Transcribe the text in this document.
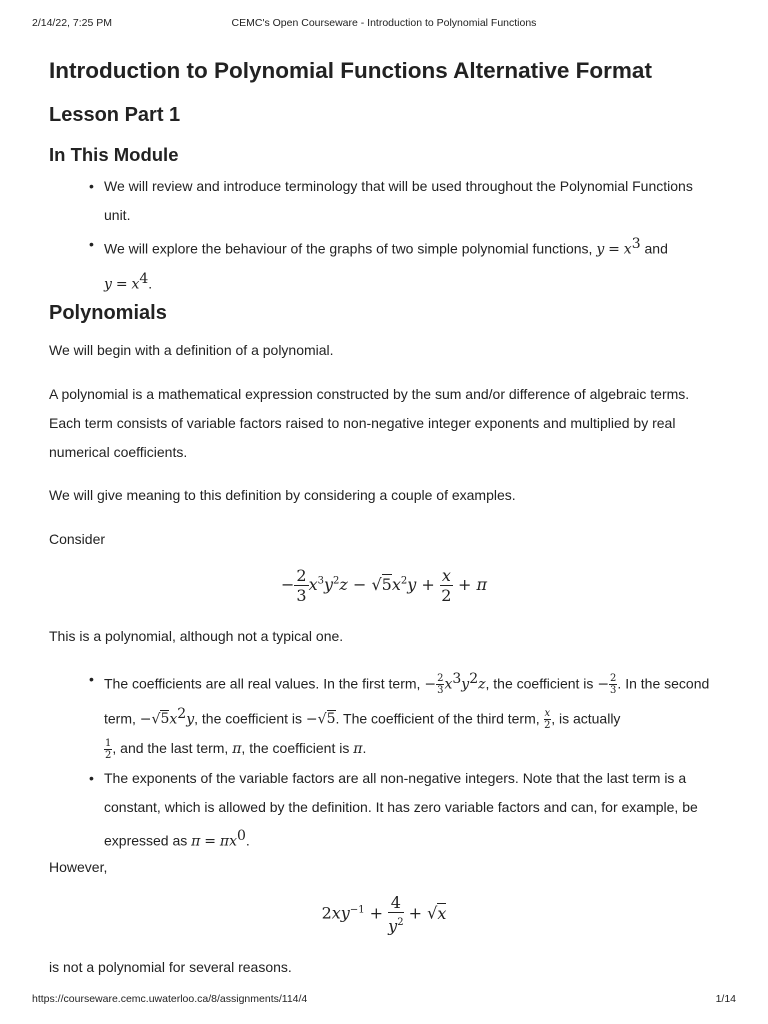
2/14/22, 7:25 PM	CEMC's Open Courseware - Introduction to Polynomial Functions
Introduction to Polynomial Functions Alternative Format
Lesson Part 1
In This Module
• We will review and introduce terminology that will be used throughout the Polynomial Functions unit.
• We will explore the behaviour of the graphs of two simple polynomial functions, $y = x^3$ and
$y = x^4$.
Polynomials

We will begin with a definition of a polynomial.

A polynomial is a mathematical expression constructed by the sum and/or difference of algebraic terms. Each term consists of variable factors raised to non-negative integer exponents and multiplied by real numerical coefficients.

We will give meaning to this definition by considering a couple of examples.

Consider

− $\frac{2}{3} x^3y^2z - √5x^2y + \frac{x}{2} + \pi$

This is a polynomial, although not a typical one.

• The coefficients are all real values. In the first term, − $\frac{2}{3} x^3y^2z$, the coefficient is − $\frac{2}{3}$ . In the second term, $-√5x^2y$, the coefficient is −√5. The coefficient of the third term, $\frac{x}{2}$ , is actually

$\frac{1}{2}$ , and the last term, π, the coefficient is π.
• The exponents of the variable factors are all non-negative integers. Note that the last term is a constant, which is allowed by the definition. It has zero variable factors and can, for example, be expressed as $\pi = \pi x^0$.

However,

$2xy^{-1} + \frac{4}{y^2} + √x$

is not a polynomial for several reasons.

https://courseware.cemc.uwaterloo.ca/8/assignments/114/4	1/14
